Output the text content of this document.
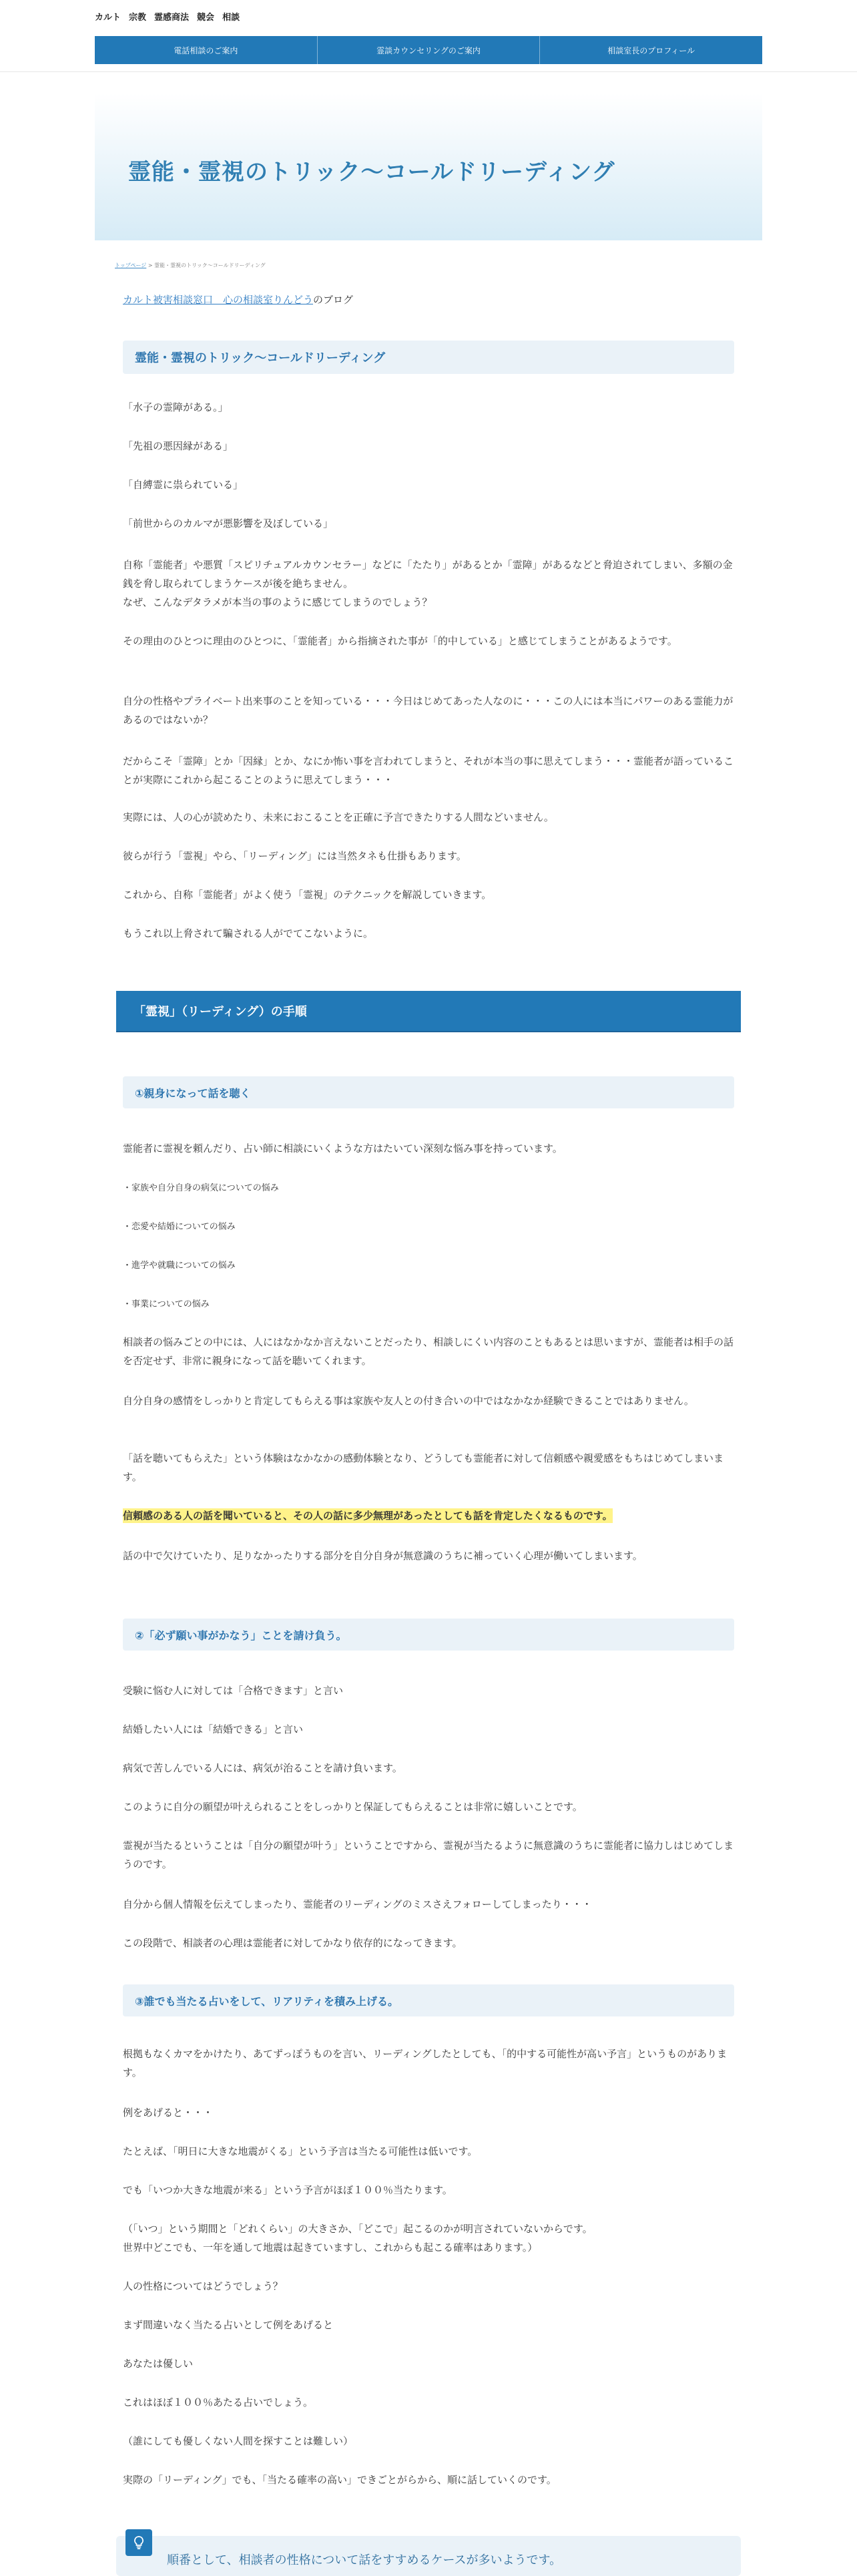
カルト 宗教 霊感商法 競会 相談
電話相談のご案内	霊談カウンセリングのご案内	相談室長のプロフィール
霊能・霊視のトリック〜コールドリーディング
トップページ > 霊能・霊視のトリック〜コールドリーディング
カルト被害相談窓口　心の相談室りんどうのブログ
霊能・霊視のトリック〜コールドリーディング
「水子の霊障がある。」
「先祖の悪因縁がある」
「自縛霊に祟られている」
「前世からのカルマが悪影響を及ぼしている」
自称「霊能者」や悪質「スピリチュアルカウンセラー」などに「たたり」があるとか「霊障」があるなどと脅迫されてしまい、多額の金銭を脅し取られてしまうケースが後を絶ちません。
なぜ、こんなデタラメが本当の事のように感じてしまうのでしょう？
その理由のひとつに理由のひとつに、「霊能者」から指摘された事が「的中している」と感じてしまうことがあるようです。
自分の性格やプライベート出来事のことを知っている・・・今日はじめてあった人なのに・・・この人には本当にパワーのある霊能力があるのではないか？
だからこそ「霊障」とか「因縁」とか、なにか怖い事を言われてしまうと、それが本当の事に思えてしまう・・・霊能者が語っていることが実際にこれから起こることのように思えてしまう・・・
実際には、人の心が読めたり、未来におこることを正確に予言できたりする人間などいません。
彼らが行う「霊視」やら、「リーディング」には当然タネも仕掛もあります。
これから、自称「霊能者」がよく使う「霊視」のテクニックを解説していきます。
もうこれ以上脅されて騙される人がでてこないように。
「霊視」（リーディング）の手順
①親身になって話を聴く
霊能者に霊視を頼んだり、占い師に相談にいくような方はたいてい深刻な悩み事を持っています。
・家族や自分自身の病気についての悩み
・恋愛や結婚についての悩み
・進学や就職についての悩み
・事業についての悩み
相談者の悩みごとの中には、人にはなかなか言えないことだったり、相談しにくい内容のこともあるとは思いますが、霊能者は相手の話を否定せず、非常に親身になって話を聴いてくれます。
自分自身の感情をしっかりと肯定してもらえる事は家族や友人との付き合いの中ではなかなか経験できることではありません。
「話を聴いてもらえた」という体験はなかなかの感動体験となり、どうしても霊能者に対して信頼感や親愛感をもちはじめてしまいます。
信頼感のある人の話を聞いていると、その人の話に多少無理があったとしても話を肯定したくなるものです。
話の中で欠けていたり、足りなかったりする部分を自分自身が無意識のうちに補っていく心理が働いてしまいます。
②「必ず願い事がかなう」ことを請け負う。
受験に悩む人に対しては「合格できます」と言い
結婚したい人には「結婚できる」と言い
病気で苦しんでいる人には、病気が治ることを請け負います。
このように自分の願望が叶えられることをしっかりと保証してもらえることは非常に嬉しいことです。
霊視が当たるということは「自分の願望が叶う」ということですから、霊視が当たるように無意識のうちに霊能者に協力しはじめてしまうのです。
自分から個人情報を伝えてしまったり、霊能者のリーディングのミスさえフォローしてしまったり・・・
この段階で、相談者の心理は霊能者に対してかなり依存的になってきます。
③誰でも当たる占いをして、リアリティを積み上げる。
根拠もなくカマをかけたり、あてずっぽうものを言い、リーディングしたとしても、「的中する可能性が高い予言」というものがあります。
例をあげると・・・
たとえば、「明日に大きな地震がくる」という予言は当たる可能性は低いです。
でも「いつか大きな地震が来る」という予言がほぼ１００％当たります。
（「いつ」という期間と「どれくらい」の大きさか、「どこで」起こるのかが明言されていないからです。
世界中どこでも、一年を通して地震は起きていますし、これからも起こる確率はあります。）
人の性格についてはどうでしょう？
まず間違いなく当たる占いとして例をあげると
あなたは優しい
これはほぼ１００％あたる占いでしょう。
（誰にしても優しくない人間を探すことは難しい）
実際の「リーディング」でも、「当たる確率の高い」できごとがらから、順に話していくのです。
順番として、相談者の性格について話をすすめるケースが多いようです。
